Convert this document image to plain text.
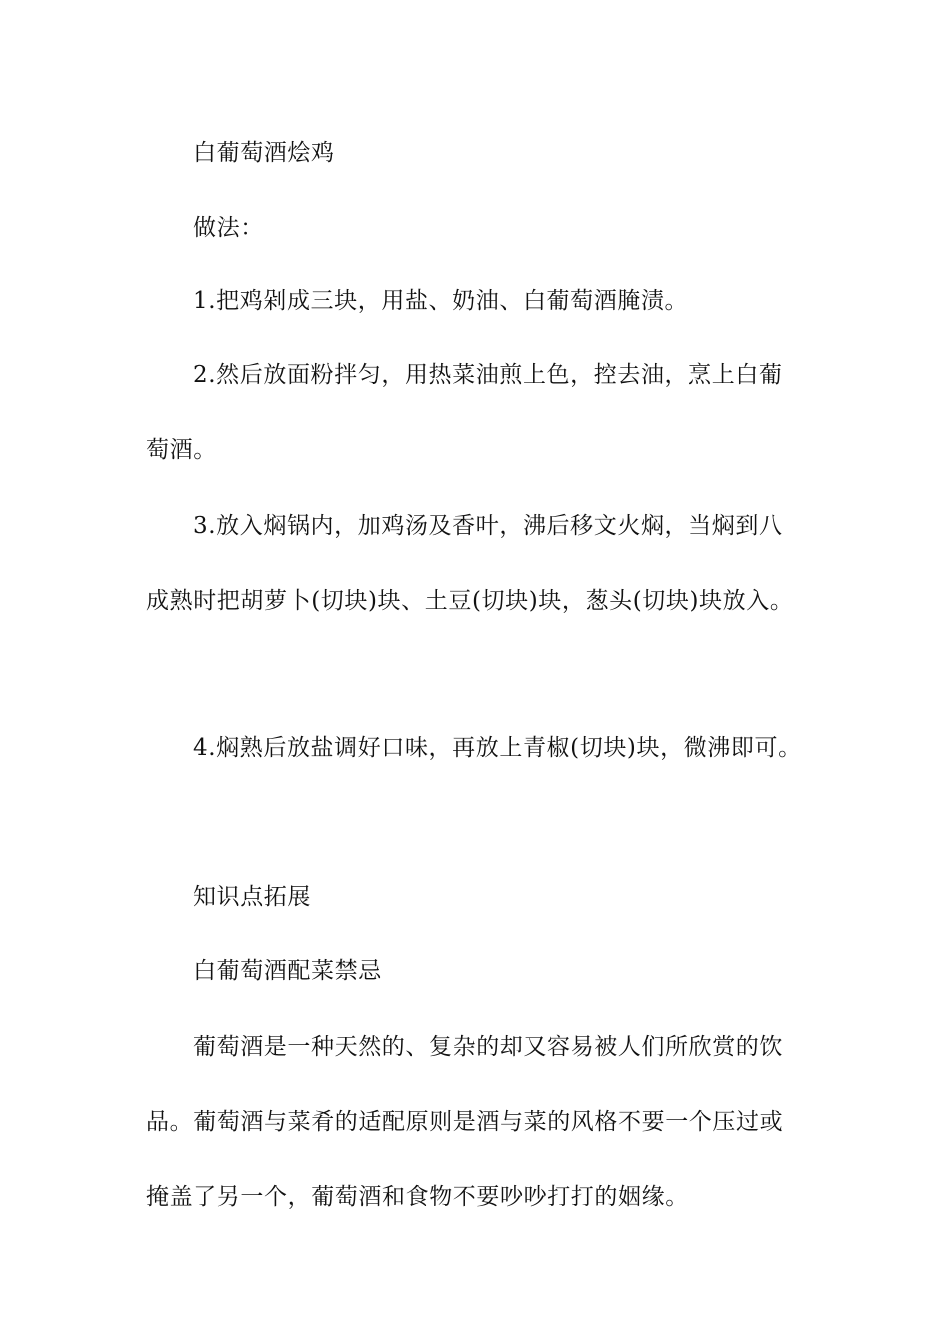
白葡萄酒烩鸡
做法：
1.把鸡剁成三块，用盐、奶油、白葡萄酒腌渍。
2.然后放面粉拌匀，用热菜油煎上色，控去油，烹上白葡
萄酒。
3.放入焖锅内，加鸡汤及香叶，沸后移文火焖，当焖到八
成熟时把胡萝卜(切块)块、土豆(切块)块，葱头(切块)块放入。
4.焖熟后放盐调好口味，再放上青椒(切块)块，微沸即可。
知识点拓展
白葡萄酒配菜禁忌
葡萄酒是一种天然的、复杂的却又容易被人们所欣赏的饮
品。葡萄酒与菜肴的适配原则是酒与菜的风格不要一个压过或
掩盖了另一个，葡萄酒和食物不要吵吵打打的姻缘。
